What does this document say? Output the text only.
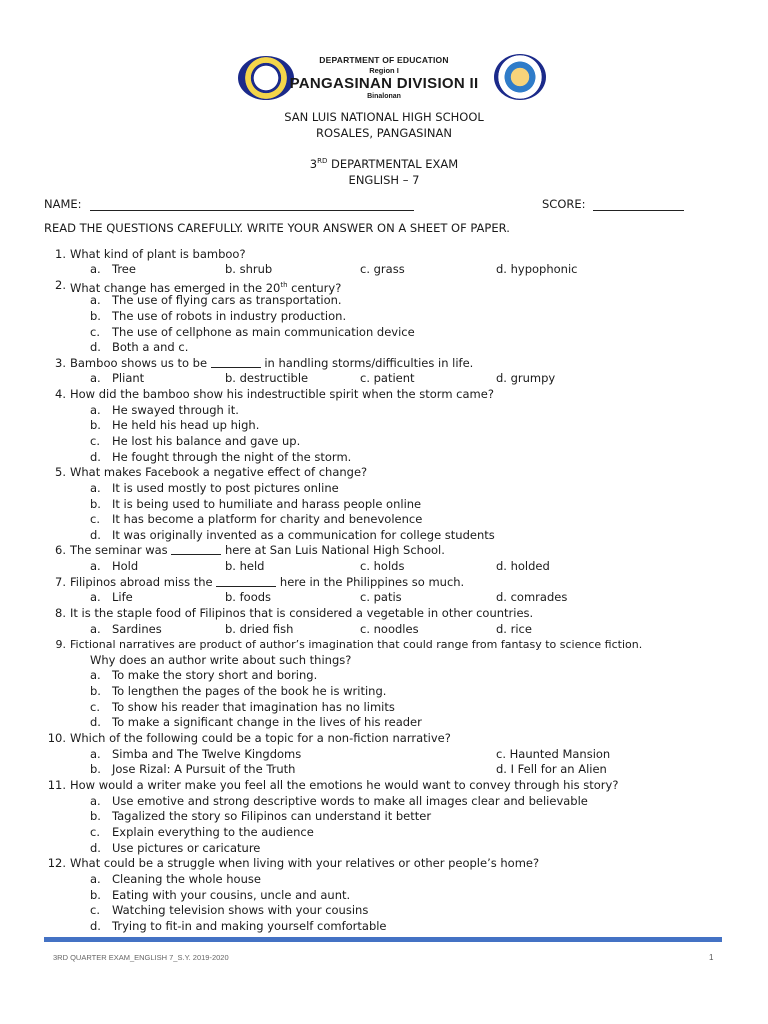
DEPARTMENT OF EDUCATION
Region I
PANGASINAN DIVISION II
Binalonan
SAN LUIS NATIONAL HIGH SCHOOL
ROSALES, PANGASINAN
3RD DEPARTMENTAL EXAM
ENGLISH – 7
NAME:	SCORE:
READ THE QUESTIONS CAREFULLY. WRITE YOUR ANSWER ON A SHEET OF PAPER.
1. What kind of plant is bamboo?
a. Tree	b. shrub	c. grass	d. hypophonic
2. What change has emerged in the 20th century?
a. The use of flying cars as transportation.
b. The use of robots in industry production.
c. The use of cellphone as main communication device
d. Both a and c.
3. Bamboo shows us to be	in handling storms/difficulties in life.
a. Pliant	b. destructible	c. patient	d. grumpy
4. How did the bamboo show his indestructible spirit when the storm came?
a. He swayed through it.
b. He held his head up high.
c. He lost his balance and gave up.
d. He fought through the night of the storm.
5. What makes Facebook a negative effect of change?
a. It is used mostly to post pictures online
b. It is being used to humiliate and harass people online
c. It has become a platform for charity and benevolence
d. It was originally invented as a communication for college students
6. The seminar was	here at San Luis National High School.
a. Hold	b. held	c. holds	d. holded
7. Filipinos abroad miss the	here in the Philippines so much.
a. Life	b. foods	c. patis	d. comrades
8. It is the staple food of Filipinos that is considered a vegetable in other countries.
a. Sardines	b. dried fish	c. noodles	d. rice
9. Fictional narratives are product of author’s imagination that could range from fantasy to science fiction.
Why does an author write about such things?
a. To make the story short and boring.
b. To lengthen the pages of the book he is writing.
c. To show his reader that imagination has no limits
d. To make a significant change in the lives of his reader
10. Which of the following could be a topic for a non-fiction narrative?
a. Simba and The Twelve Kingdoms	c. Haunted Mansion
b. Jose Rizal: A Pursuit of the Truth	d. I Fell for an Alien
11. How would a writer make you feel all the emotions he would want to convey through his story?
a. Use emotive and strong descriptive words to make all images clear and believable
b. Tagalized the story so Filipinos can understand it better
c. Explain everything to the audience
d. Use pictures or caricature
12. What could be a struggle when living with your relatives or other people’s home?
a. Cleaning the whole house
b. Eating with your cousins, uncle and aunt.
c. Watching television shows with your cousins
d. Trying to fit-in and making yourself comfortable
3RD QUARTER EXAM_ENGLISH 7_S.Y. 2019-2020	1
